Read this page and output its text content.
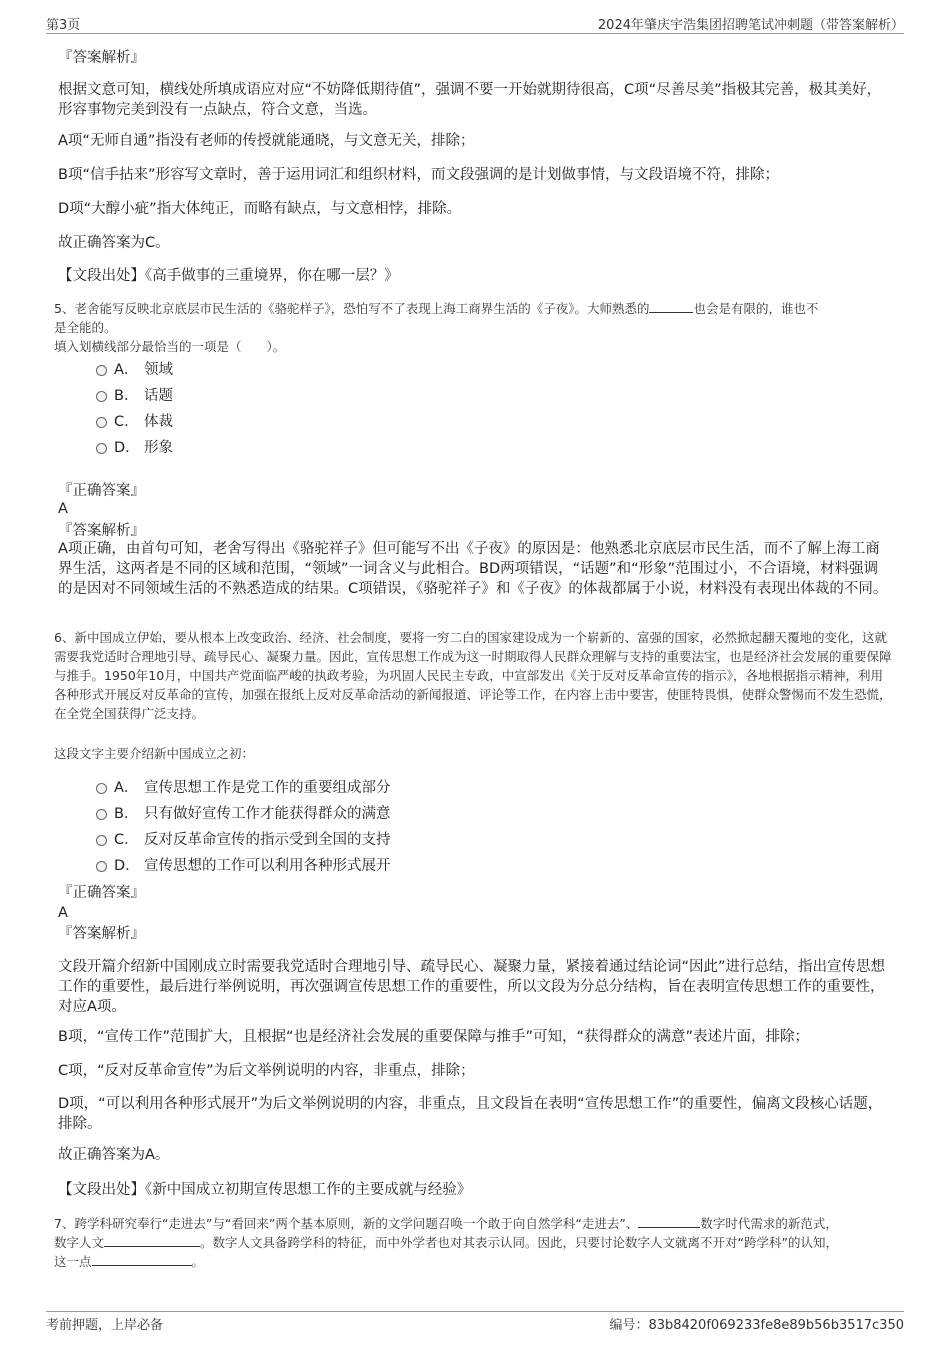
第3页	2024年肇庆宇浩集团招聘笔试冲刺题（带答案解析）
『答案解析』
根据文意可知，横线处所填成语应对应“不妨降低期待值”，强调不要一开始就期待很高，C项“尽善尽美”指极其完善，极其美好，形容事物完美到没有一点缺点，符合文意，当选。
A项“无师自通”指没有老师的传授就能通晓，与文意无关，排除；
B项“信手拈来”形容写文章时，善于运用词汇和组织材料，而文段强调的是计划做事情，与文段语境不符，排除；
D项“大醇小疵”指大体纯正，而略有缺点，与文意相悖，排除。
故正确答案为C。
【文段出处】《高手做事的三重境界，你在哪一层？》
5、老舍能写反映北京底层市民生活的《骆驼样子》，恐怕写不了表现上海工商界生活的《子夜》。大师熟悉的	也会是有限的，谁也不
是全能的。
填入划横线部分最恰当的一项是（　　）。
A． 领域
B． 话题
C． 体裁
D． 形象
『正确答案』
A
『答案解析』
A项正确，由首句可知，老舍写得出《骆驼祥子》但可能写不出《子夜》的原因是：他熟悉北京底层市民生活，而不了解上海工商界生活，这两者是不同的区域和范围，“领域”一词含义与此相合。BD两项错误，“话题”和“形象”范围过小，不合语境，材料强调的是因对不同领域生活的不熟悉造成的结果。C项错误，《骆驼祥子》和《子夜》的体裁都属于小说，材料没有表现出体裁的不同。
6、新中国成立伊始，要从根本上改变政治、经济、社会制度，要将一穷二白的国家建设成为一个崭新的、富强的国家，必然掀起翻天覆地的变化，这就需要我党适时合理地引导、疏导民心、凝聚力量。因此，宣传思想工作成为这一时期取得人民群众理解与支持的重要法宝，也是经济社会发展的重要保障与推手。1950年10月，中国共产党面临严峻的执政考验，为巩固人民民主专政，中宣部发出《关于反对反革命宣传的指示》，各地根据指示精神，利用各种形式开展反对反革命的宣传，加强在报纸上反对反革命活动的新闻报道、评论等工作，在内容上击中要害，使匪特畏惧，使群众警惕而不发生恐慌，在全党全国获得广泛支持。
这段文字主要介绍新中国成立之初：
A． 宣传思想工作是党工作的重要组成部分
B． 只有做好宣传工作才能获得群众的满意
C． 反对反革命宣传的指示受到全国的支持
D． 宣传思想的工作可以利用各种形式展开
『正确答案』
A
『答案解析』
文段开篇介绍新中国刚成立时需要我党适时合理地引导、疏导民心、凝聚力量，紧接着通过结论词“因此”进行总结，指出宣传思想工作的重要性，最后进行举例说明，再次强调宣传思想工作的重要性，所以文段为分总分结构，旨在表明宣传思想工作的重要性，对应A项。
B项，“宣传工作”范围扩大，且根据“也是经济社会发展的重要保障与推手”可知，“获得群众的满意”表述片面，排除；
C项，“反对反革命宣传”为后文举例说明的内容，非重点，排除；
D项，“可以利用各种形式展开”为后文举例说明的内容，非重点，且文段旨在表明“宣传思想工作”的重要性，偏离文段核心话题，排除。
故正确答案为A。
【文段出处】《新中国成立初期宣传思想工作的主要成就与经验》
7、跨学科研究奉行“走进去”与“看回来”两个基本原则，新的文学问题召唤一个敢于向自然学科“走进去”、	数字时代需求的新范式，
数字人文	。数字人文具备跨学科的特征，而中外学者也对其表示认同。因此，只要讨论数字人文就离不开对“跨学科”的认知，
这一点	。
考前押题，上岸必备	编号：83b8420f069233fe8e89b56b3517c350
